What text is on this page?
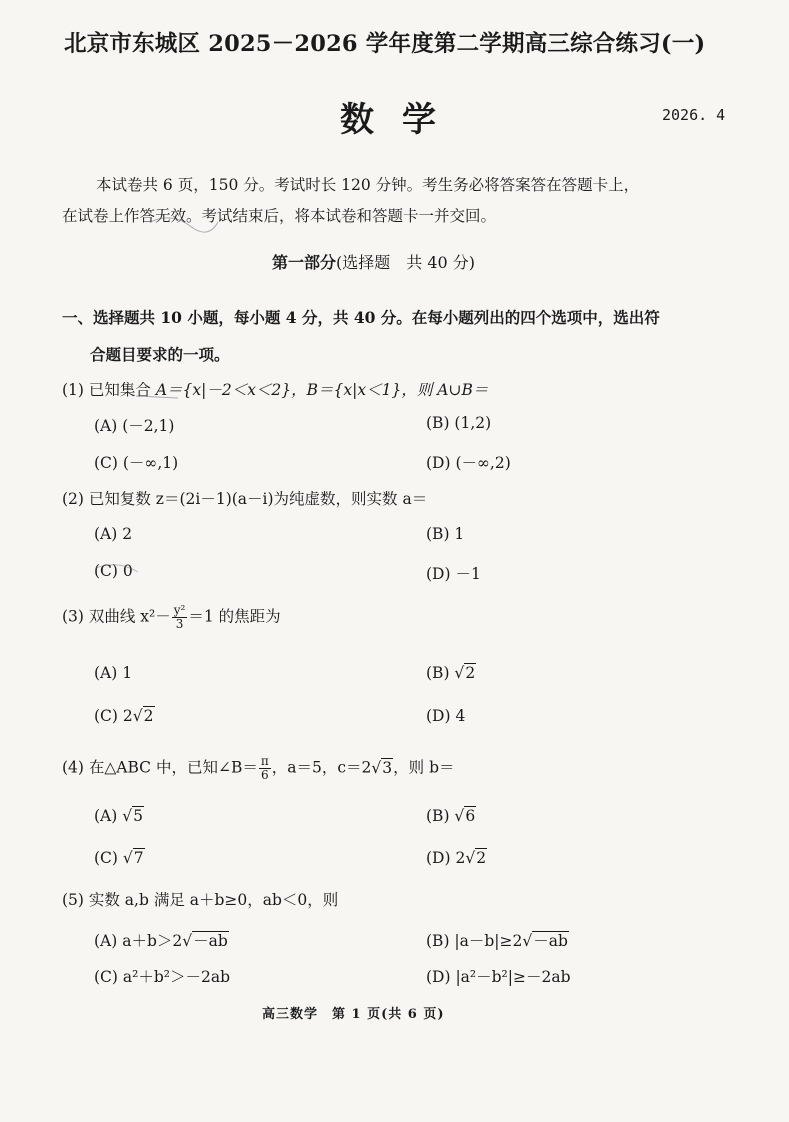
北京市东城区 2025－2026 学年度第二学期高三综合练习(一)
数学	2026. 4
本试卷共 6 页，150 分。考试时长 120 分钟。考生务必将答案答在答题卡上，
在试卷上作答无效。考试结束后，将本试卷和答题卡一并交回。
第一部分(选择题　共 40 分)
一、选择题共 10 小题，每小题 4 分，共 40 分。在每小题列出的四个选项中，选出符
合题目要求的一项。
(1) 已知集合 A＝{x|－2＜x＜2}，B＝{x|x＜1}，则 A∪B＝
(A) (－2,1)	(B) (1,2)
(C) (－∞,1)	(D) (－∞,2)
(2) 已知复数 z＝(2i－1)(a－i)为纯虚数，则实数 a＝
(A) 2	(B) 1
(C) 0	(D) －1
(3) 双曲线 $x^2- \frac{\text{y²}}{3} =1$ 的焦距为
(A) 1	(B) √2
(C) 2√2	(D) 4
(4) 在△ABC 中，已知∠B＝ $\frac{\pi}{6}$ ，a＝5，c＝2√3，则 b＝
(A) √5	(B) √6
(C) √7	(D) 2√2
(5) 实数 a,b 满足 a＋b≥0，ab＜0，则
(A) a＋b＞2√－ab	(B) |a－b|≥2√－ab
(C) a²＋b²＞－2ab	(D) |a²－b²|≥－2ab
高三数学　第 1 页(共 6 页)
